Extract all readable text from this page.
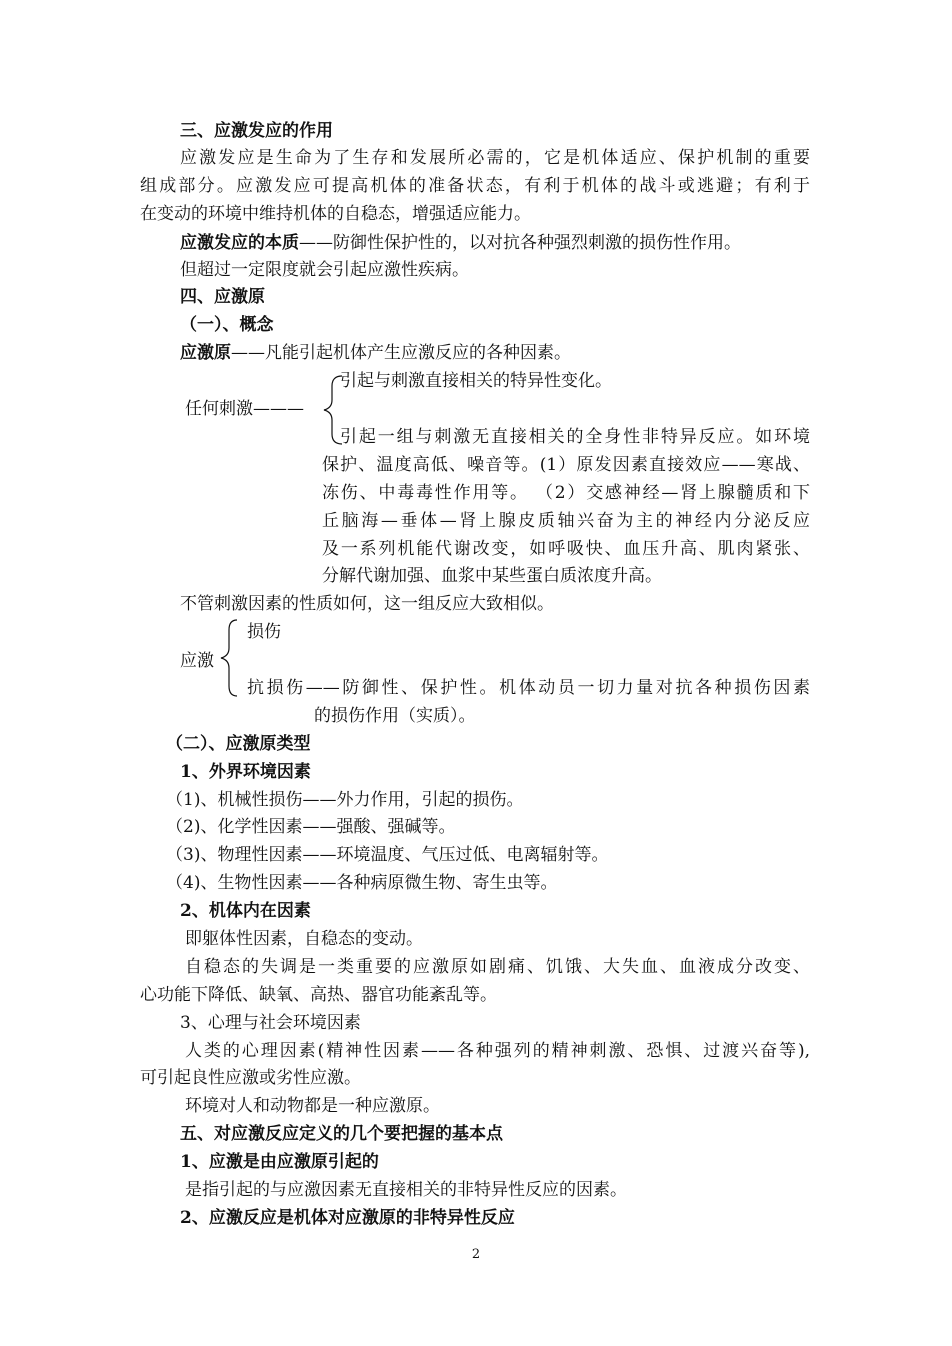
三、应激发应的作用
应激发应是生命为了生存和发展所必需的，它是机体适应、保护机制的重要
组成部分。应激发应可提高机体的准备状态，有利于机体的战斗或逃避；有利于
在变动的环境中维持机体的自稳态，增强适应能力。
应激发应的本质——防御性保护性的，以对抗各种强烈刺激的损伤性作用。
但超过一定限度就会引起应激性疾病。
四、应激原
（一）、概念
应激原——凡能引起机体产生应激反应的各种因素。
任何刺激———
引起与刺激直接相关的特异性变化。
引起一组与刺激无直接相关的全身性非特异反应。如环境
保护、温度高低、噪音等。(1）原发因素直接效应——寒战、
冻伤、中毒毒性作用等。 （2）交感神经—肾上腺髓质和下
丘脑海—垂体—肾上腺皮质轴兴奋为主的神经内分泌反应
及一系列机能代谢改变，如呼吸快、血压升高、肌肉紧张、
分解代谢加强、血浆中某些蛋白质浓度升高。
不管刺激因素的性质如何，这一组反应大致相似。
应激
损伤
抗损伤——防御性、保护性。机体动员一切力量对抗各种损伤因素
的损伤作用（实质）。
（二）、应激原类型
1、外界环境因素
（1)、机械性损伤——外力作用，引起的损伤。
（2)、化学性因素——强酸、强碱等。
（3)、物理性因素——环境温度、气压过低、电离辐射等。
（4)、生物性因素——各种病原微生物、寄生虫等。
2、机体内在因素
即躯体性因素，自稳态的变动。
自稳态的失调是一类重要的应激原如剧痛、饥饿、大失血、血液成分改变、
心功能下降低、缺氧、高热、器官功能紊乱等。
3、心理与社会环境因素
人类的心理因素(精神性因素——各种强列的精神刺激、恐惧、过渡兴奋等),
可引起良性应激或劣性应激。
环境对人和动物都是一种应激原。
五、对应激反应定义的几个要把握的基本点
1、应激是由应激原引起的
是指引起的与应激因素无直接相关的非特异性反应的因素。
2、应激反应是机体对应激原的非特异性反应
2
